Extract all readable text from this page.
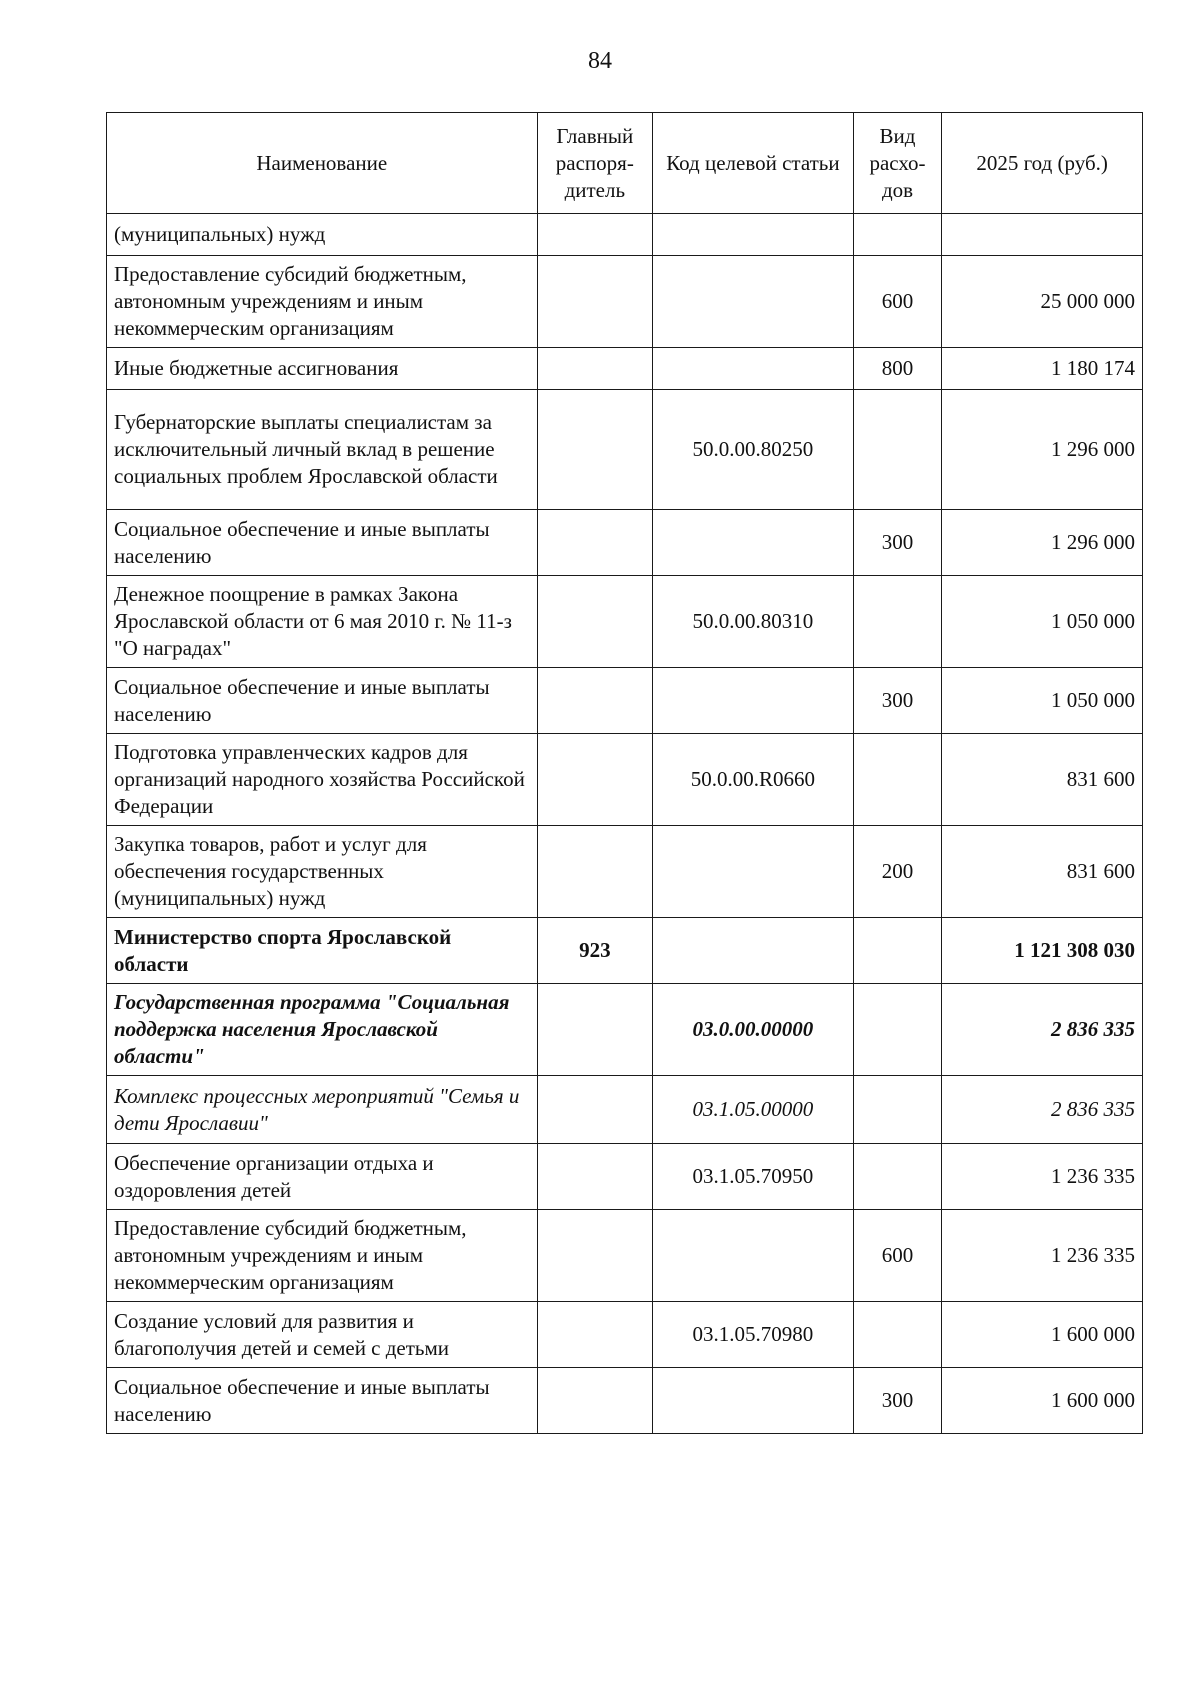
84
Наименование	Главный распоря-дитель	Код целевой статьи	Вид расхо-дов	2025 год (руб.)
(муниципальных) нужд				
Предоставление субсидий бюджетным, автономным учреждениям и иным некоммерческим организациям			600	25 000 000
Иные бюджетные ассигнования			800	1 180 174
Губернаторские выплаты специалистам за исключительный личный вклад в решение социальных проблем Ярославской области		50.0.00.80250		1 296 000
Социальное обеспечение и иные выплаты населению			300	1 296 000
Денежное поощрение в рамках Закона Ярославской области от 6 мая 2010 г. № 11-з "О наградах"		50.0.00.80310		1 050 000
Социальное обеспечение и иные выплаты населению			300	1 050 000
Подготовка управленческих кадров для организаций народного хозяйства Российской Федерации		50.0.00.R0660		831 600
Закупка товаров, работ и услуг для обеспечения государственных (муниципальных) нужд			200	831 600
Министерство спорта Ярославской области	923			1 121 308 030
Государственная программа "Социальная поддержка населения Ярославской области"		03.0.00.00000		2 836 335
Комплекс процессных мероприятий "Семья и дети Ярославии"		03.1.05.00000		2 836 335
Обеспечение организации отдыха и оздоровления детей		03.1.05.70950		1 236 335
Предоставление субсидий бюджетным, автономным учреждениям и иным некоммерческим организациям			600	1 236 335
Создание условий для развития и благополучия детей и семей с детьми		03.1.05.70980		1 600 000
Социальное обеспечение и иные выплаты населению			300	1 600 000
